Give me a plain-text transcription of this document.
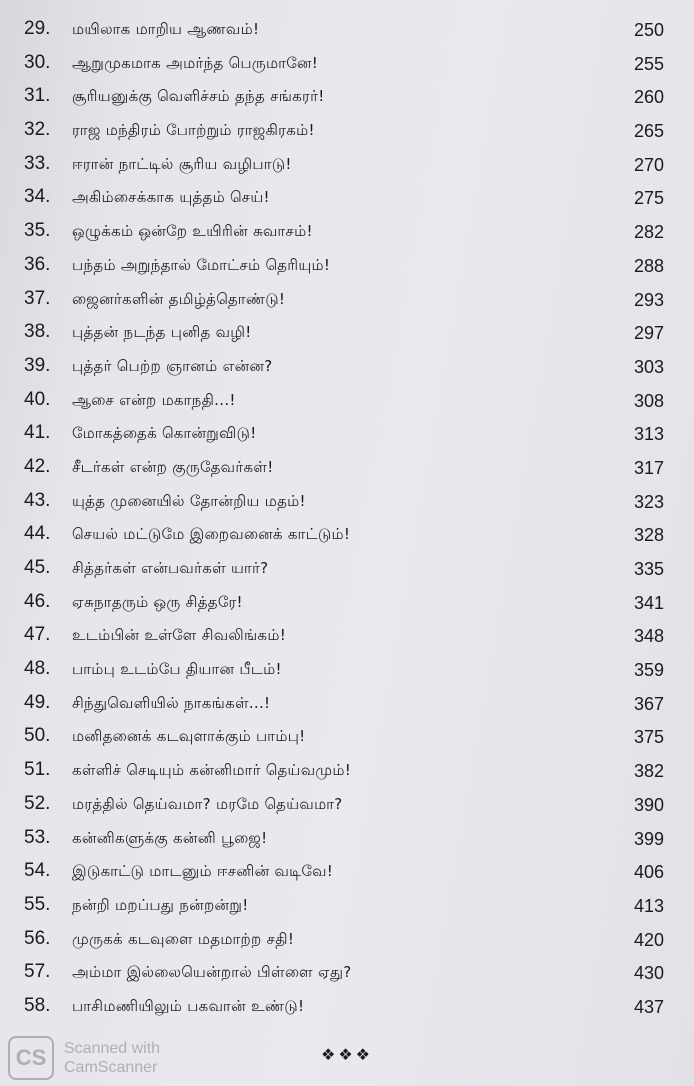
29. மயிலாக மாறிய ஆணவம்!	250
30. ஆறுமுகமாக அமர்ந்த பெருமானே!	255
31. சூரியனுக்கு வெளிச்சம் தந்த சங்கரர்!	260
32. ராஜ மந்திரம் போற்றும் ராஜகிரகம்!	265
33. ஈரான் நாட்டில் சூரிய வழிபாடு!	270
34. அகிம்சைக்காக யுத்தம் செய்!	275
35. ஒழுக்கம் ஒன்றே உயிரின் சுவாசம்!	282
36. பந்தம் அறுந்தால் மோட்சம் தெரியும்!	288
37. ஜைனர்களின் தமிழ்த்தொண்டு!	293
38. புத்தன் நடந்த புனித வழி!	297
39. புத்தர் பெற்ற ஞானம் என்ன?	303
40. ஆசை என்ற மகாநதி...!	308
41. மோகத்தைக் கொன்றுவிடு!	313
42. சீடர்கள் என்ற குருதேவர்கள்!	317
43. யுத்த முனையில் தோன்றிய மதம்!	323
44. செயல் மட்டுமே இறைவனைக் காட்டும்!	328
45. சித்தர்கள் என்பவர்கள் யார்?	335
46. ஏசுநாதரும் ஒரு சித்தரே!	341
47. உடம்பின் உள்ளே சிவலிங்கம்!	348
48. பாம்பு உடம்பே தியான பீடம்!	359
49. சிந்துவெளியில் நாகங்கள்...!	367
50. மனிதனைக் கடவுளாக்கும் பாம்பு!	375
51. கள்ளிச் செடியும் கன்னிமார் தெய்வமும்!	382
52. மரத்தில் தெய்வமா? மரமே தெய்வமா?	390
53. கன்னிகளுக்கு கன்னி பூஜை!	399
54. இடுகாட்டு மாடனும் ஈசனின் வடிவே!	406
55. நன்றி மறப்பது நன்றன்று!	413
56. முருகக் கடவுளை மதமாற்ற சதி!	420
57. அம்மா இல்லையென்றால் பிள்ளை ஏது?	430
58. பாசிமணியிலும் பகவான் உண்டு!	437
❖❖❖
CS	Scanned with
CamScanner
